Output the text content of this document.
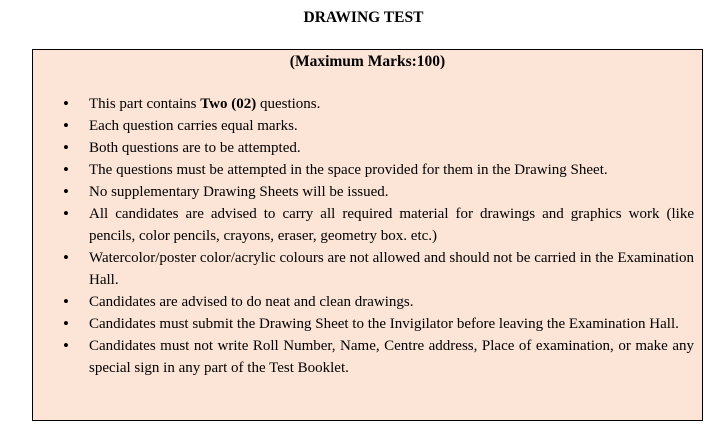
DRAWING TEST
(Maximum Marks:100)
• This part contains Two (02) questions.
• Each question carries equal marks.
• Both questions are to be attempted.
• The questions must be attempted in the space provided for them in the Drawing Sheet.
• No supplementary Drawing Sheets will be issued.
• All candidates are advised to carry all required material for drawings and graphics work (like pencils, color pencils, crayons, eraser, geometry box. etc.)
• Watercolor/poster color/acrylic colours are not allowed and should not be carried in the Examination Hall.
• Candidates are advised to do neat and clean drawings.
• Candidates must submit the Drawing Sheet to the Invigilator before leaving the Examination Hall.
• Candidates must not write Roll Number, Name, Centre address, Place of examination, or make any special sign in any part of the Test Booklet.
